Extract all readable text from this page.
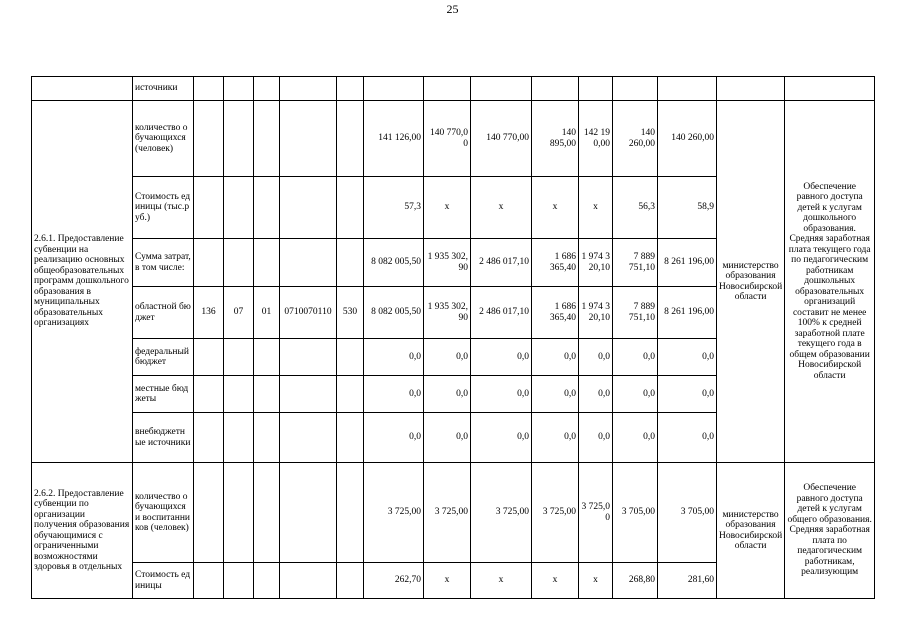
25
	источники														
2.6.1. Предоставление субвенции на реализацию основных общеобразовательных программ дошкольного образования в муниципальных образовательных организациях	количество обучающихся (человек)						141 126,00	140 770,00	140 770,00	140 895,00	142 190,00	140 260,00	140 260,00	министерство образования Новосибирской области	Обеспечение равного доступа детей к услугам дошкольного образования. Средняя заработная плата текущего года по педагогическим работникам дошкольных образовательных организаций составит не менее 100% к средней заработной плате текущего года в общем образовании Новосибирской области
	Стоимость единицы (тыс.руб.)						57,3	х	х	х	х	56,3	58,9		
	Сумма затрат, в том числе:						8 082 005,50	1 935 302,90	2 486 017,10	1 686 365,40	1 974 320,10	7 889 751,10	8 261 196,00		
	областной бюджет	136	07	01	0710070110	530	8 082 005,50	1 935 302,90	2 486 017,10	1 686 365,40	1 974 320,10	7 889 751,10	8 261 196,00		
	федеральный бюджет						0,0	0,0	0,0	0,0	0,0	0,0	0,0		
	местные бюджеты						0,0	0,0	0,0	0,0	0,0	0,0	0,0		
	внебюджетные источники						0,0	0,0	0,0	0,0	0,0	0,0	0,0		
2.6.2. Предоставление субвенции по организации получения образования обучающимися с ограниченными возможностями здоровья в отдельных	количество обучающихся и воспитанников (человек)						3 725,00	3 725,00	3 725,00	3 725,00	3 725,00	3 705,00	3 705,00	министерство образования Новосибирской области	Обеспечение равного доступа детей к услугам общего образования. Средняя заработная плата по педагогическим работникам, реализующим
	Стоимость единицы						262,70	х	х	х	х	268,80	281,60		
